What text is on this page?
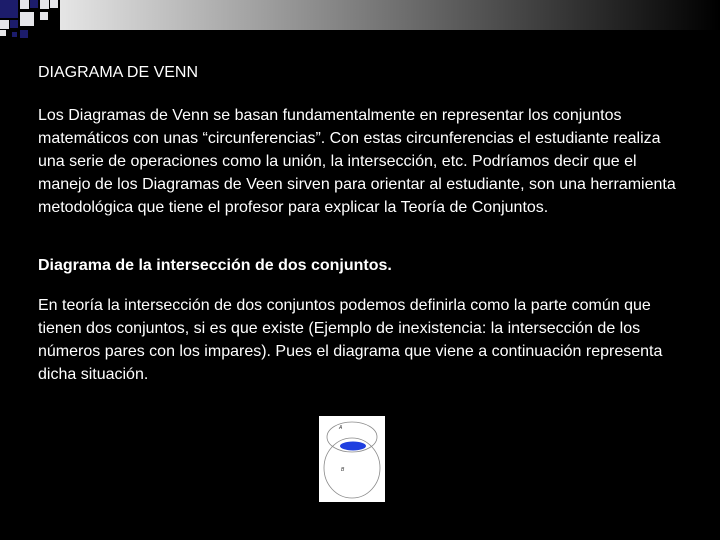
DIAGRAMA DE VENN

Los Diagramas de Venn se basan fundamentalmente en representar los conjuntos matemáticos con unas “circunferencias”. Con estas circunferencias el estudiante realiza una serie de operaciones como la unión, la intersección, etc. Podríamos decir que el manejo de los Diagramas de Veen sirven para orientar al estudiante, son una herramienta metodológica que tiene el profesor para explicar la Teoría de Conjuntos.

Diagrama de la intersección de dos conjuntos.

En teoría la intersección de dos conjuntos podemos definirla como la parte común que tienen dos conjuntos, si es que existe (Ejemplo de inexistencia: la intersección de los números pares con los impares). Pues el diagrama que viene a continuación representa dicha situación.

A
B
